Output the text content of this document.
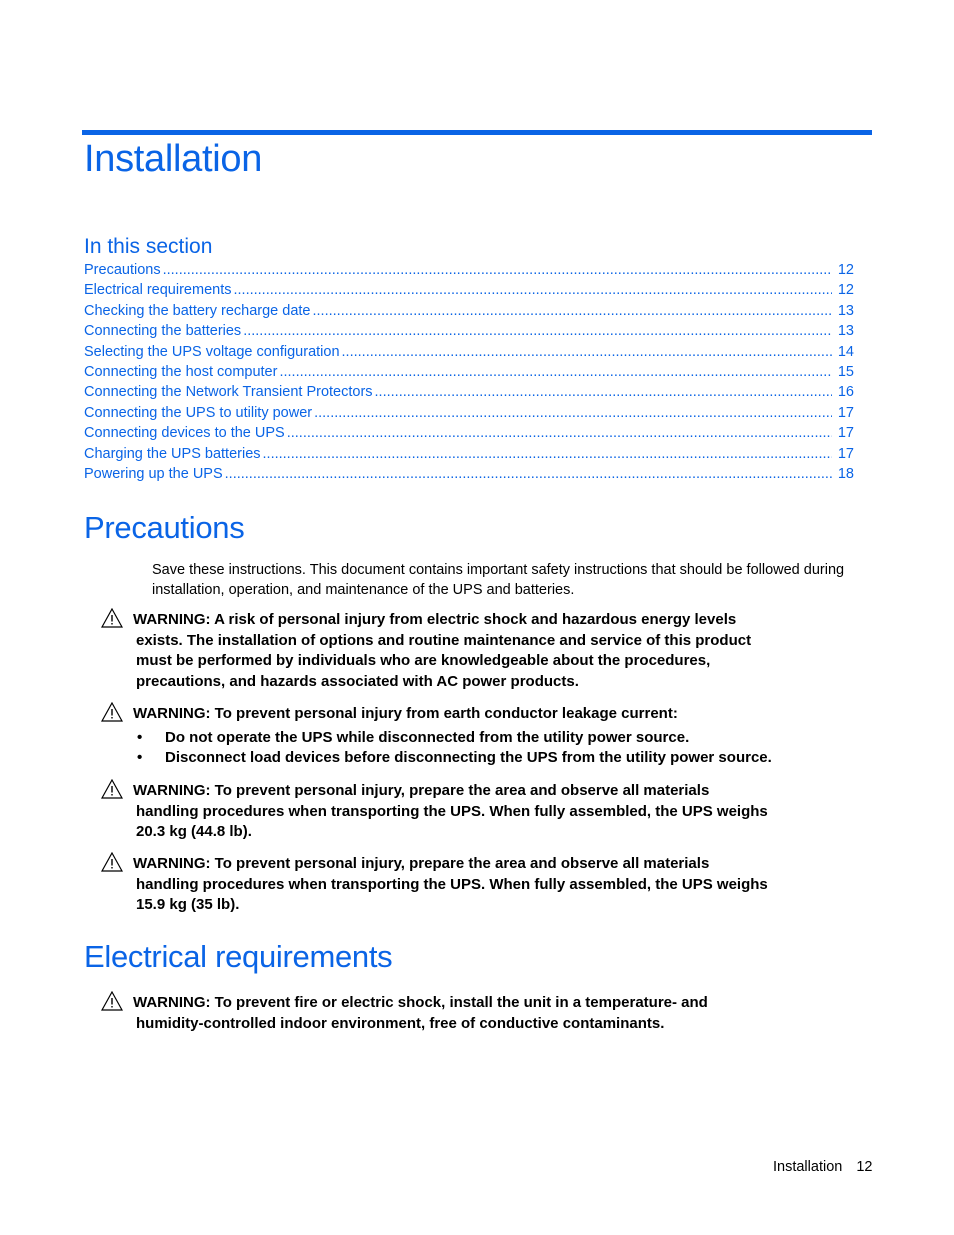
Installation
In this section
Precautions .....	12
Electrical requirements .....	12
Checking the battery recharge date .....	13
Connecting the batteries .....	13
Selecting the UPS voltage configuration .....	14
Connecting the host computer .....	15
Connecting the Network Transient Protectors .....	16
Connecting the UPS to utility power .....	17
Connecting devices to the UPS .....	17
Charging the UPS batteries .....	17
Powering up the UPS .....	18
Precautions

Save these instructions. This document contains important safety instructions that should be followed during installation, operation, and maintenance of the UPS and batteries.

WARNING: A risk of personal injury from electric shock and hazardous energy levels
exists. The installation of options and routine maintenance and service of this product
must be performed by individuals who are knowledgeable about the procedures,
precautions, and hazards associated with AC power products.
WARNING: To prevent personal injury from earth conductor leakage current:
• Do not operate the UPS while disconnected from the utility power source.
• Disconnect load devices before disconnecting the UPS from the utility power source.
WARNING: To prevent personal injury, prepare the area and observe all materials
handling procedures when transporting the UPS. When fully assembled, the UPS weighs
20.3 kg (44.8 lb).
WARNING: To prevent personal injury, prepare the area and observe all materials
handling procedures when transporting the UPS. When fully assembled, the UPS weighs
15.9 kg (35 lb).
Electrical requirements
WARNING: To prevent fire or electric shock, install the unit in a temperature- and
humidity-controlled indoor environment, free of conductive contaminants.
Installation 12
